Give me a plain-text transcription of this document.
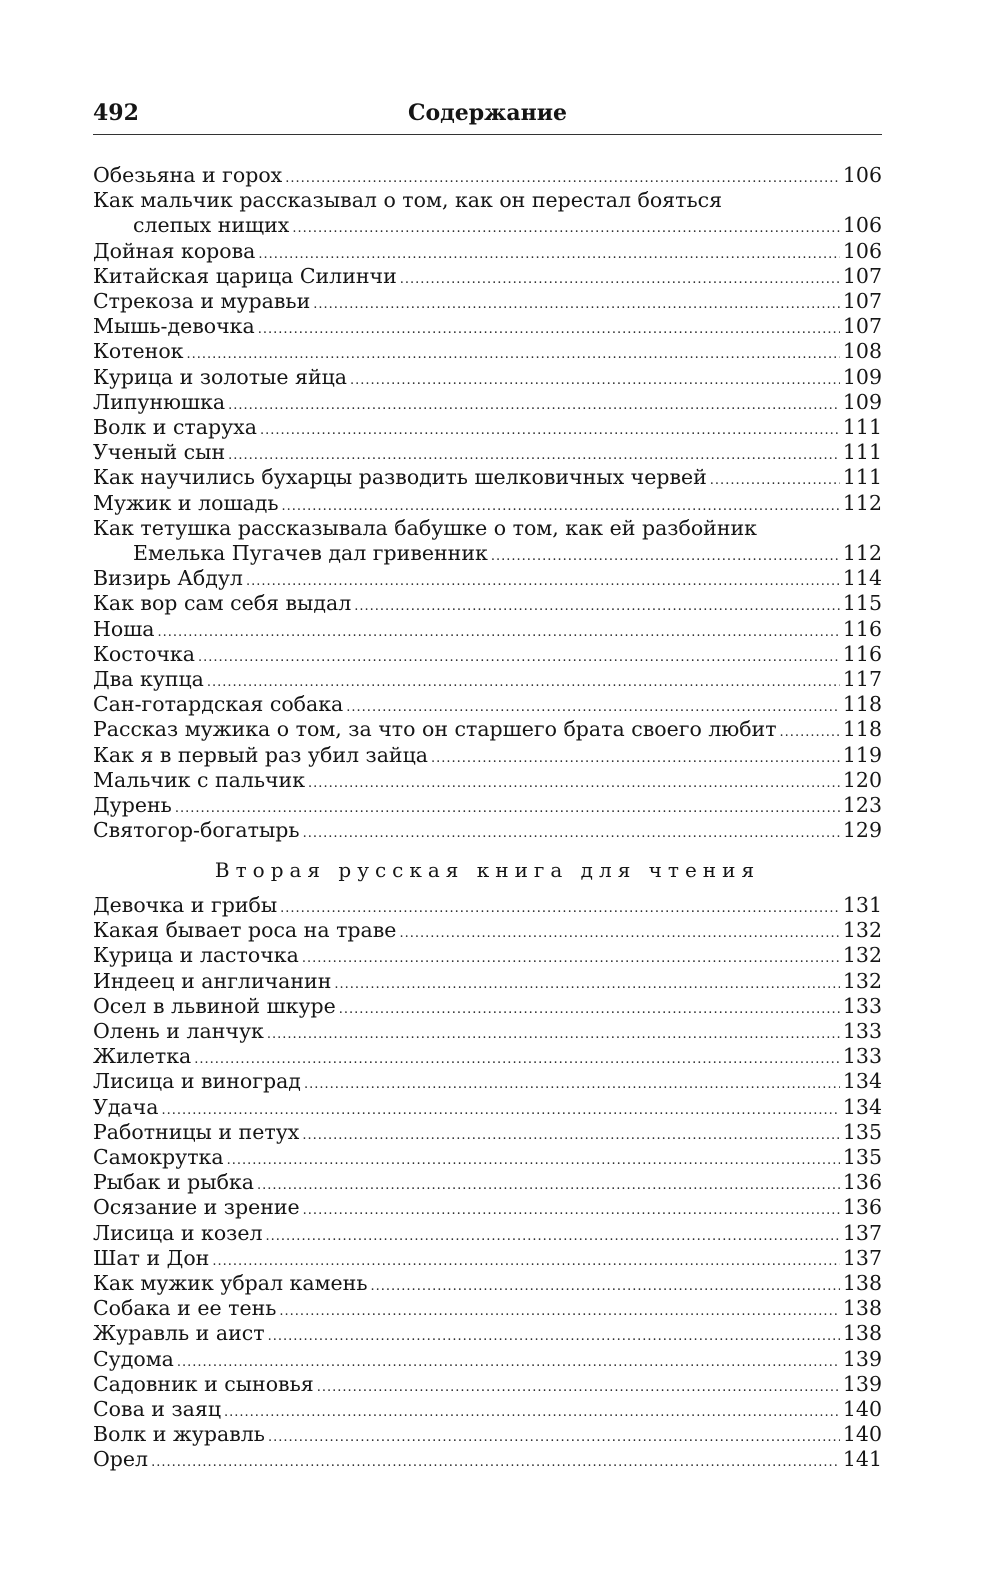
492	Содержание
Обезьяна и горох .....	106
Как мальчик рассказывал о том, как он перестал бояться
слепых нищих .....	106
Дойная корова .....	106
Китайская царица Силинчи .....	107
Стрекоза и муравьи .....	107
Мышь-девочка .....	107
Котенок .....	108
Курица и золотые яйца .....	109
Липунюшка .....	109
Волк и старуха .....	111
Ученый сын .....	111
Как научились бухарцы разводить шелковичных червей .....	111
Мужик и лошадь .....	112
Как тетушка рассказывала бабушке о том, как ей разбойник
Емелька Пугачев дал гривенник .....	112
Визирь Абдул .....	114
Как вор сам себя выдал .....	115
Ноша .....	116
Косточка .....	116
Два купца .....	117
Сан-готардская собака .....	118
Рассказ мужика о том, за что он старшего брата своего любит .....	118
Как я в первый раз убил зайца .....	119
Мальчик с пальчик .....	120
Дурень .....	123
Святогор-богатырь .....	129
Вторая русская книга для чтения
Девочка и грибы .....	131
Какая бывает роса на траве .....	132
Курица и ласточка .....	132
Индеец и англичанин .....	132
Осел в львиной шкуре .....	133
Олень и ланчук .....	133
Жилетка .....	133
Лисица и виноград .....	134
Удача .....	134
Работницы и петух .....	135
Самокрутка .....	135
Рыбак и рыбка .....	136
Осязание и зрение .....	136
Лисица и козел .....	137
Шат и Дон .....	137
Как мужик убрал камень .....	138
Собака и ее тень .....	138
Журавль и аист .....	138
Судома .....	139
Садовник и сыновья .....	139
Сова и заяц .....	140
Волк и журавль .....	140
Орел .....	141
